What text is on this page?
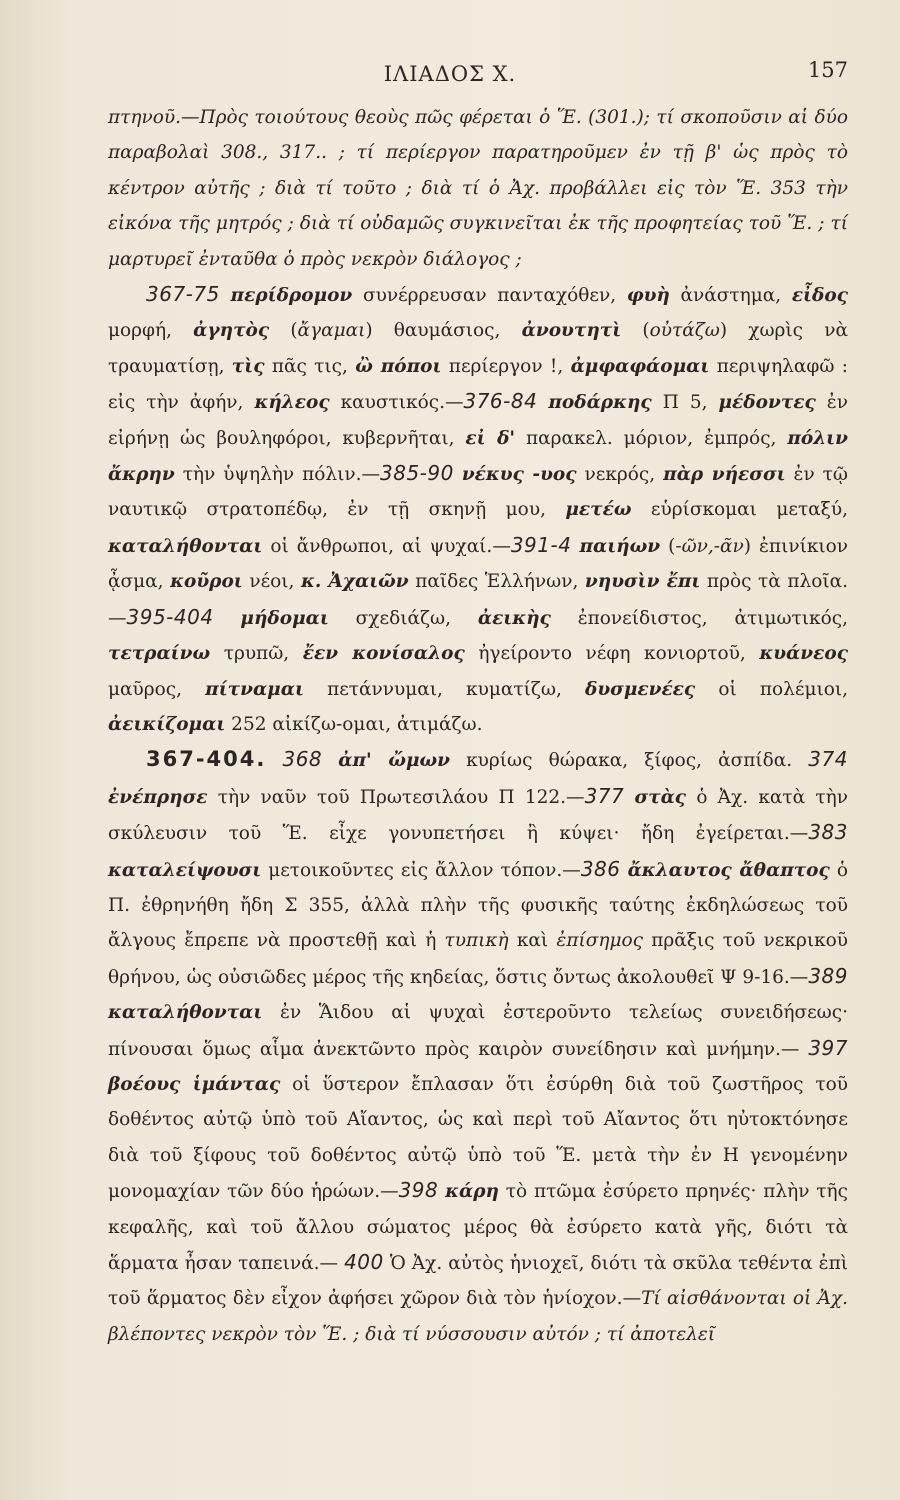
ΙΛΙΑΔΟΣ Χ.	157

πτηνοῦ.—Πρὸς τοιούτους θεοὺς πῶς φέρεται ὁ Ἕ. (301.); τί σκοποῦσιν αἱ δύο παραβολαὶ 308., 317.. ; τί περίεργον παρατηροῦμεν ἐν τῇ β' ὡς πρὸς τὸ κέντρον αὐτῆς ; διὰ τί τοῦτο ; διὰ τί ὁ Ἀχ. προβάλλει εἰς τὸν Ἕ. 353 τὴν εἰκόνα τῆς μητρός ; διὰ τί οὐδαμῶς συγκινεῖται ἐκ τῆς προφητείας τοῦ Ἕ. ; τί μαρτυρεῖ ἐνταῦθα ὁ πρὸς νεκρὸν διάλογος ;

367-75 περίδρομον συνέρρευσαν πανταχόθεν, φυὴ ἀνάστημα, εἶδος μορφή, ἀγητὸς (ἄγαμαι) θαυμάσιος, ἀνουτητὶ (οὐτάζω) χωρὶς νὰ τραυματίσῃ, τὶς πᾶς τις, ὢ πόποι περίεργον !, ἀμφαφάομαι περιψηλαφῶ : εἰς τὴν ἀφήν, κήλεος καυστικός.—376-84 ποδάρκης Π 5, μέδοντες ἐν εἰρήνῃ ὡς βουληφόροι, κυβερνῆται, εἰ δ' παρακελ. μόριον, ἐμπρός, πόλιν ἄκρην τὴν ὑψηλὴν πόλιν.—385-90 νέκυς -υος νεκρός, πὰρ νήεσσι ἐν τῷ ναυτικῷ στρατοπέδῳ, ἐν τῇ σκηνῇ μου, μετέω εὑρίσκομαι μεταξύ, καταλήθονται οἱ ἄνθρωποι, αἱ ψυχαί.—391-4 παιήων (-ῶν,-ᾶν) ἐπινίκιον ᾆσμα, κοῦροι νέοι, κ. Ἀχαιῶν παῖδες Ἑλλήνων, νηυσὶν ἔπι πρὸς τὰ πλοῖα.—395-404 μήδομαι σχεδιάζω, ἀεικὴς ἐπονείδιστος, ἀτιμωτικός, τετραίνω τρυπῶ, ἔεν κονίσαλος ἠγείροντο νέφη κονιορτοῦ, κυάνεος μαῦρος, πίτναμαι πετάννυμαι, κυματίζω, δυσμενέες οἱ πολέμιοι, ἀεικίζομαι 252 αἰκίζω-ομαι, ἀτιμάζω.

367-404. 368 ἀπ' ὤμων κυρίως θώρακα, ξίφος, ἀσπίδα. 374 ἐνέπρησε τὴν ναῦν τοῦ Πρωτεσιλάου Π 122.—377 στὰς ὁ Ἀχ. κατὰ τὴν σκύλευσιν τοῦ Ἕ. εἶχε γονυπετήσει ἢ κύψει· ἤδη ἐγείρεται.—383 καταλείψουσι μετοικοῦντες εἰς ἄλλον τόπον.—386 ἄκλαυτος ἄθαπτος ὁ Π. ἐθρηνήθη ἤδη Σ 355, ἀλλὰ πλὴν τῆς φυσικῆς ταύτης ἐκδηλώσεως τοῦ ἄλγους ἔπρεπε νὰ προστεθῇ καὶ ἡ τυπικὴ καὶ ἐπίσημος πρᾶξις τοῦ νεκρικοῦ θρήνου, ὡς οὐσιῶδες μέρος τῆς κηδείας, ὅστις ὄντως ἀκολουθεῖ Ψ 9-16.—389 καταλήθονται ἐν Ἅιδου αἱ ψυχαὶ ἐστεροῦντο τελείως συνειδήσεως· πίνουσαι ὅμως αἷμα ἀνεκτῶντο πρὸς καιρὸν συνείδησιν καὶ μνήμην.— 397 βοέους ἱμάντας οἱ ὕστερον ἔπλασαν ὅτι ἐσύρθη διὰ τοῦ ζωστῆρος τοῦ δοθέντος αὐτῷ ὑπὸ τοῦ Αἴαντος, ὡς καὶ περὶ τοῦ Αἴαντος ὅτι ηὐτοκτόνησε διὰ τοῦ ξίφους τοῦ δοθέντος αὐτῷ ὑπὸ τοῦ Ἕ. μετὰ τὴν ἐν Η γενομένην μονομαχίαν τῶν δύο ἡρώων.—398 κάρη τὸ πτῶμα ἐσύρετο πρηνές· πλὴν τῆς κεφαλῆς, καὶ τοῦ ἄλλου σώματος μέρος θὰ ἐσύρετο κατὰ γῆς, διότι τὰ ἅρματα ἦσαν ταπεινά.— 400 Ὁ Ἀχ. αὐτὸς ἡνιοχεῖ, διότι τὰ σκῦλα τεθέντα ἐπὶ τοῦ ἅρματος δὲν εἶχον ἀφήσει χῶρον διὰ τὸν ἡνίοχον.—Τί αἰσθάνονται οἱ Ἀχ. βλέποντες νεκρὸν τὸν Ἕ. ; διὰ τί νύσσουσιν αὐτόν ; τί ἀποτελεῖ
